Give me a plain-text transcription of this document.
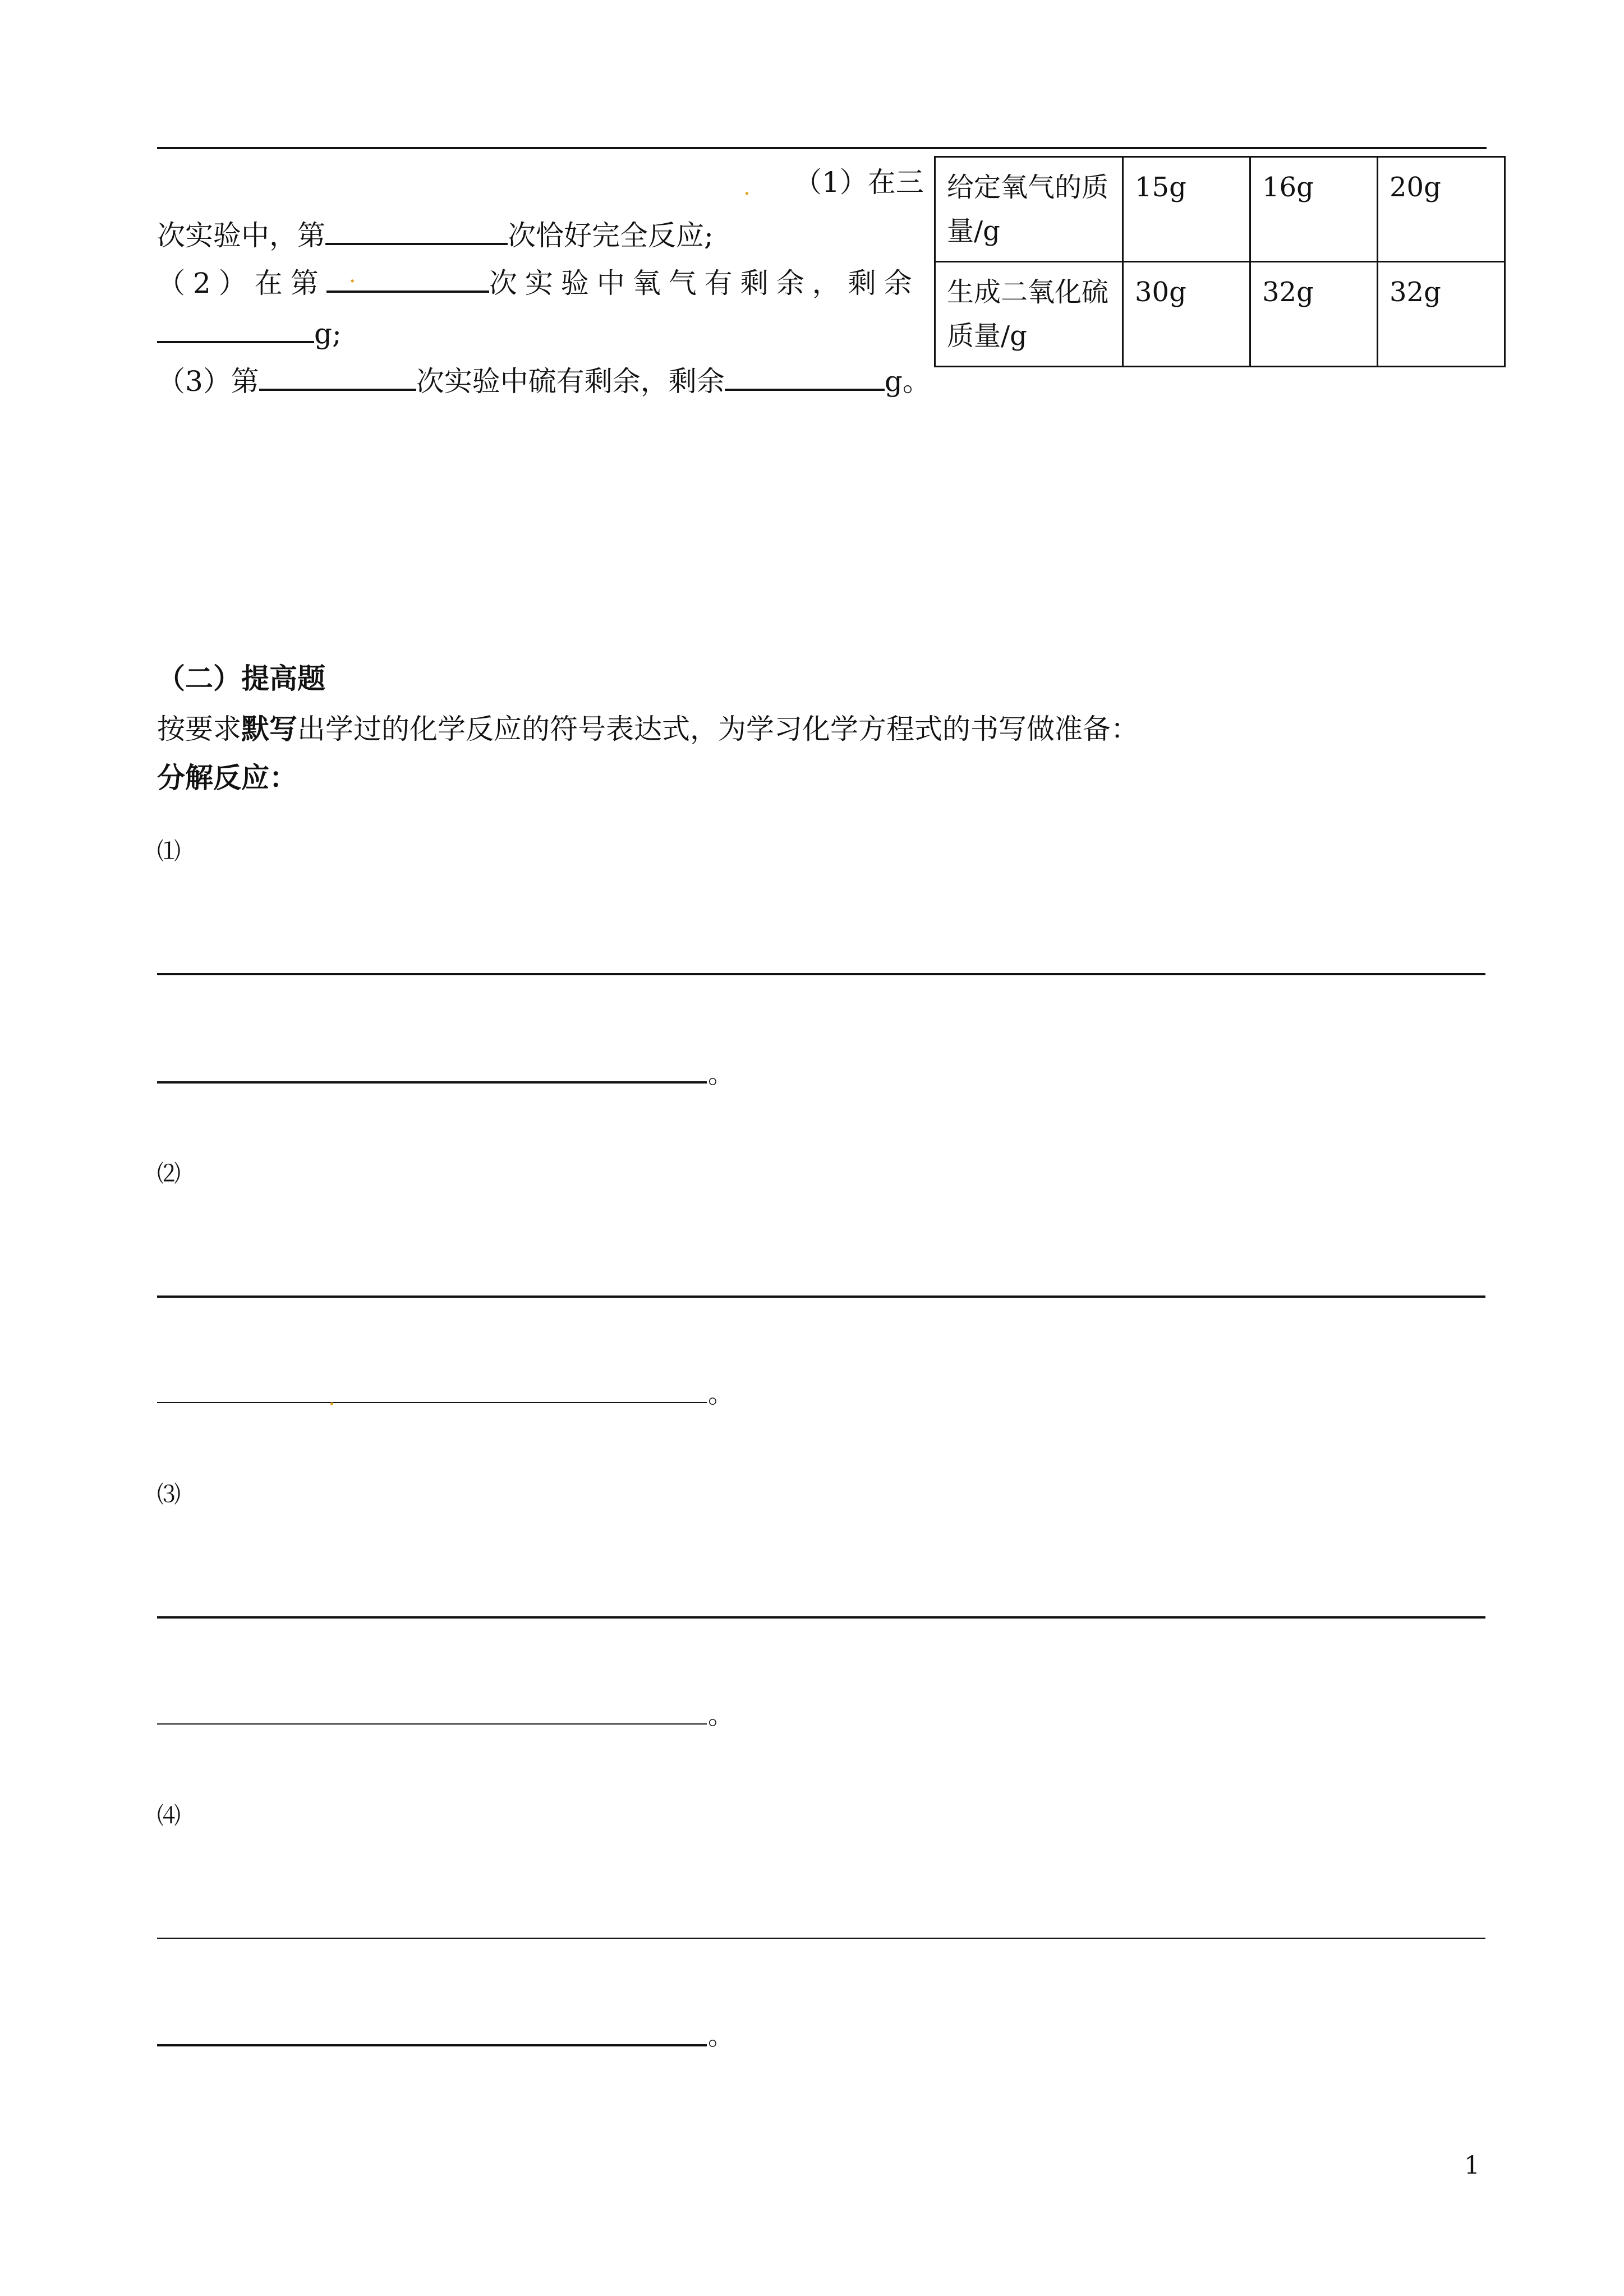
. （1）在三
次实验中，第	次恰好完全反应;
（2）在第 .	次实验中氧气有剩余，剩余
g;
（3）第	次实验中硫有剩余，剩余	g。
给定氧气的质量/g	15g	16g	20g
生成二氧化硫质量/g	30g	32g	32g
（二）提高题
按要求默写出学过的化学反应的符号表达式，为学习化学方程式的书写做准备：
分解反应：
⑴
。
⑵
.	。
⑶
。
⑷
。
1
